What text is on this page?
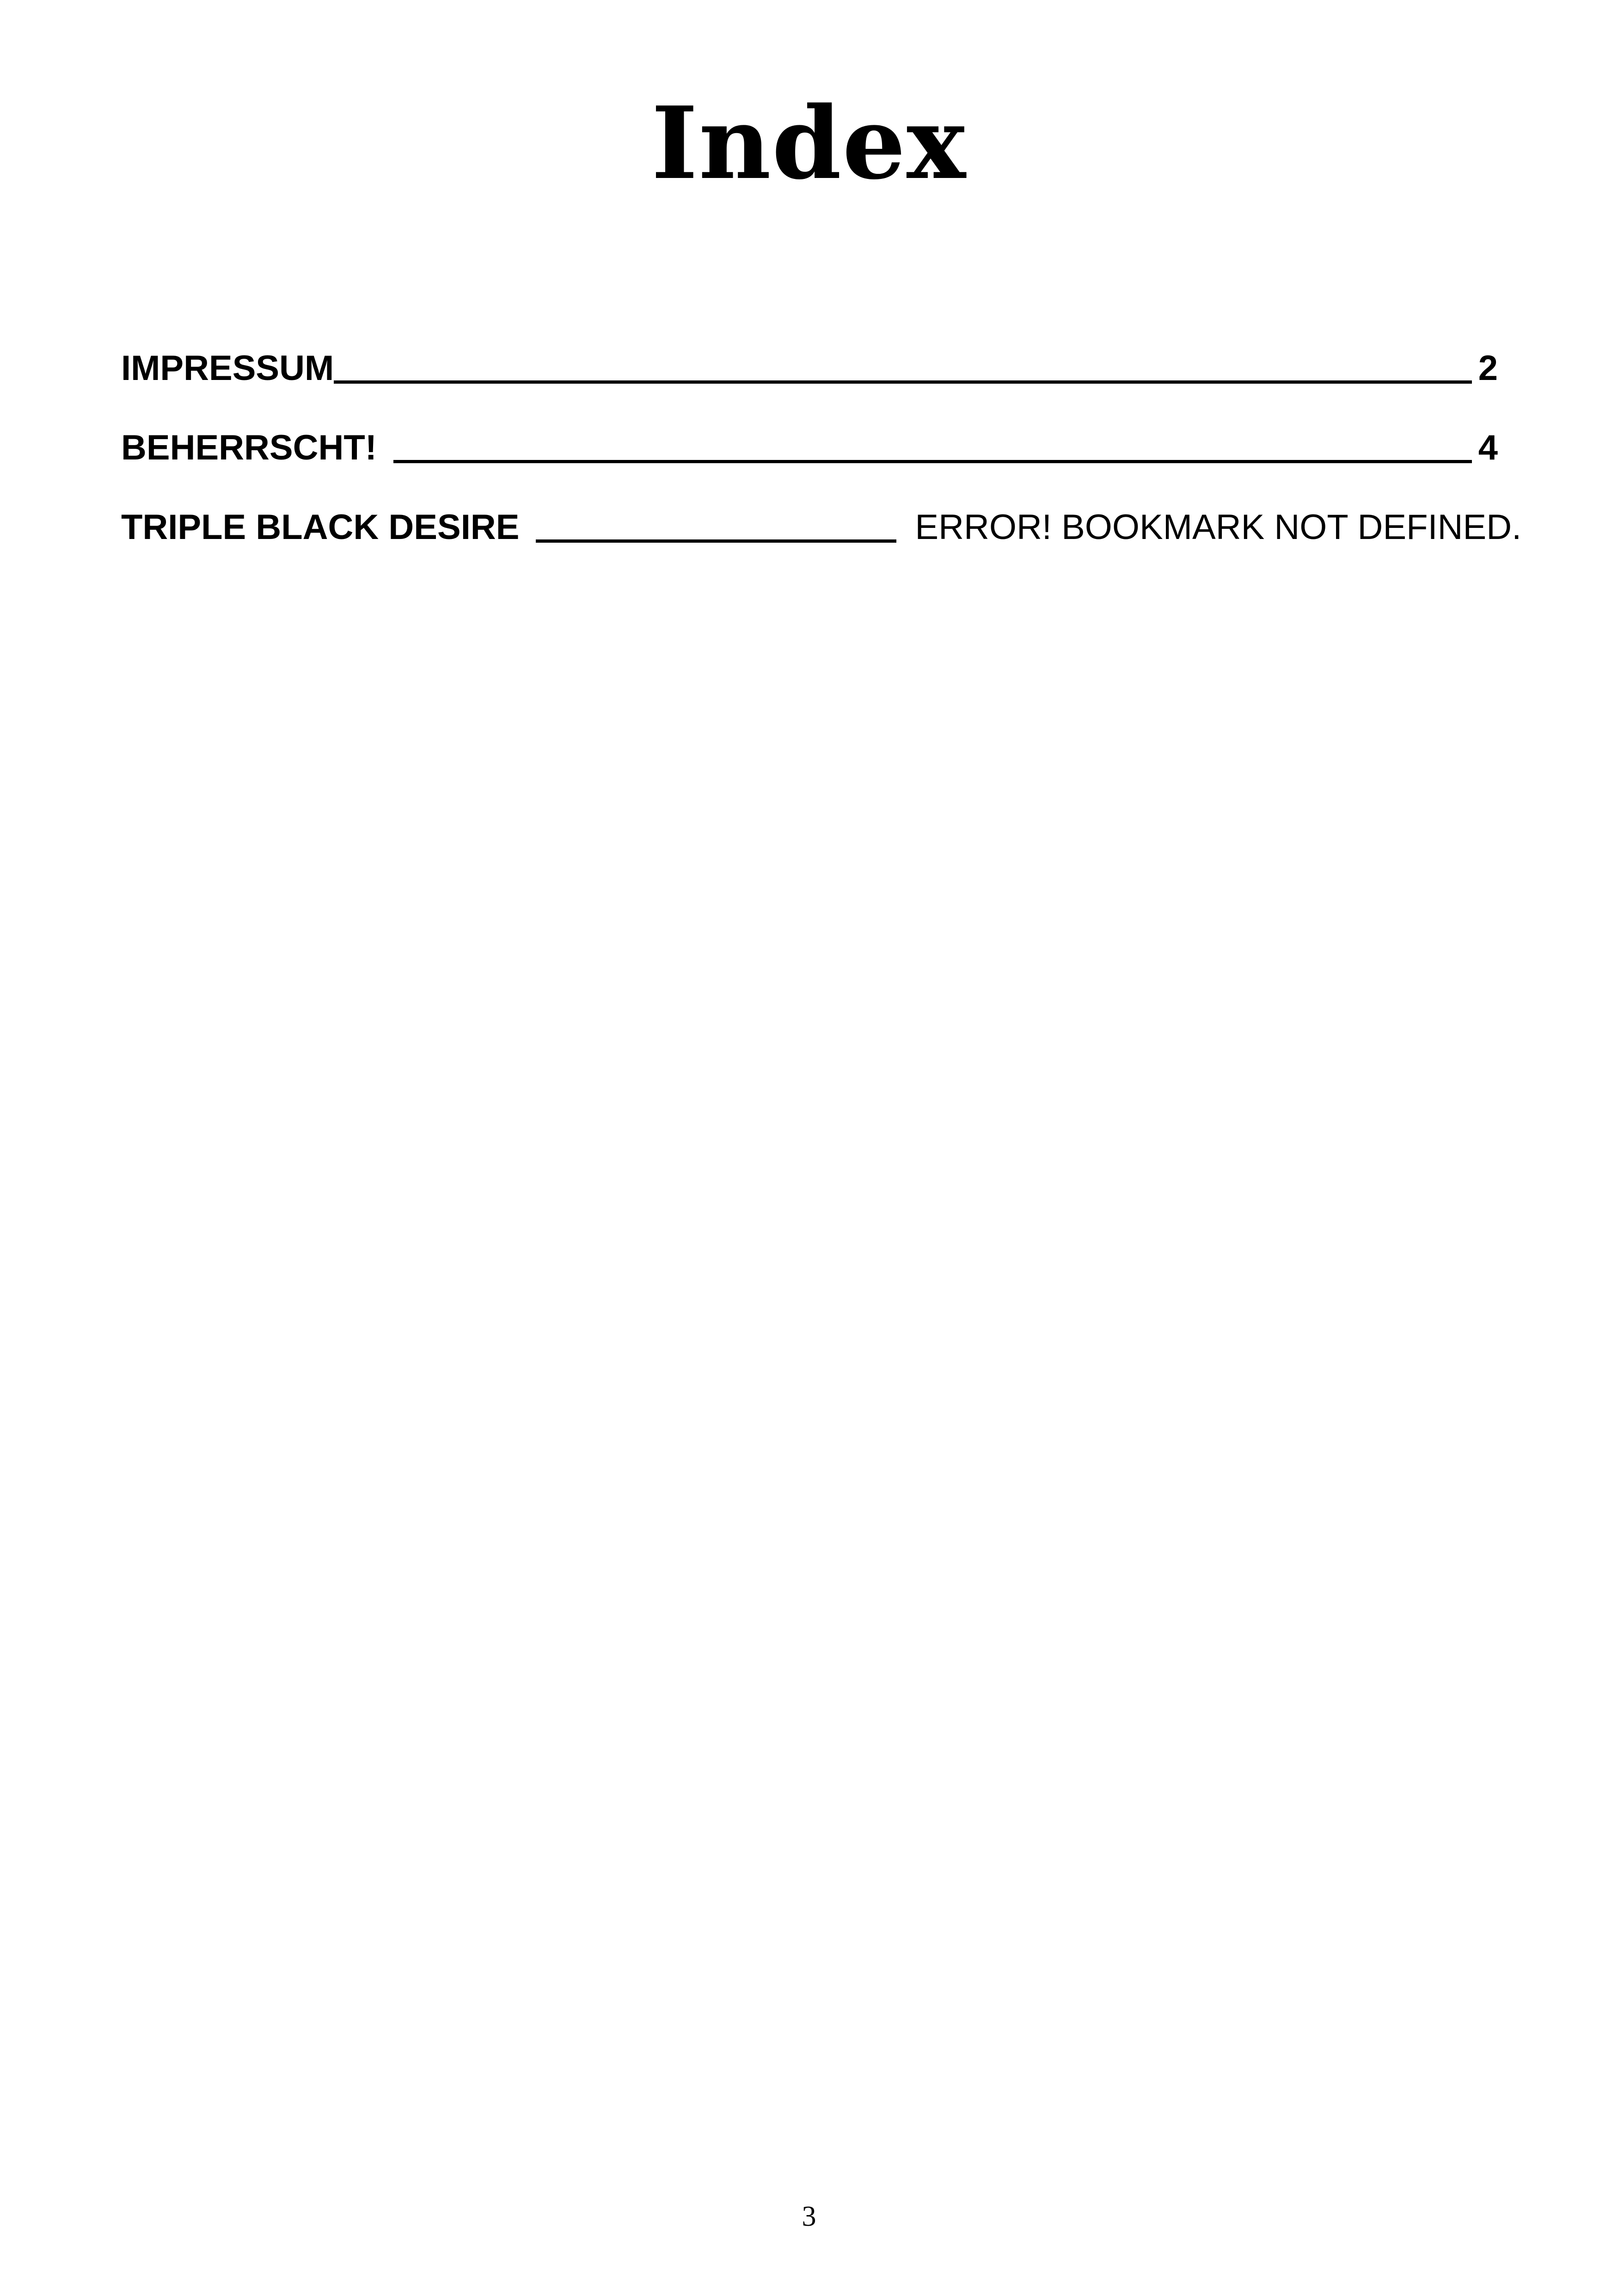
Index
IMPRESSUM	2
BEHERRSCHT!	4
TRIPLE BLACK DESIRE	ERROR! BOOKMARK NOT DEFINED.
3
